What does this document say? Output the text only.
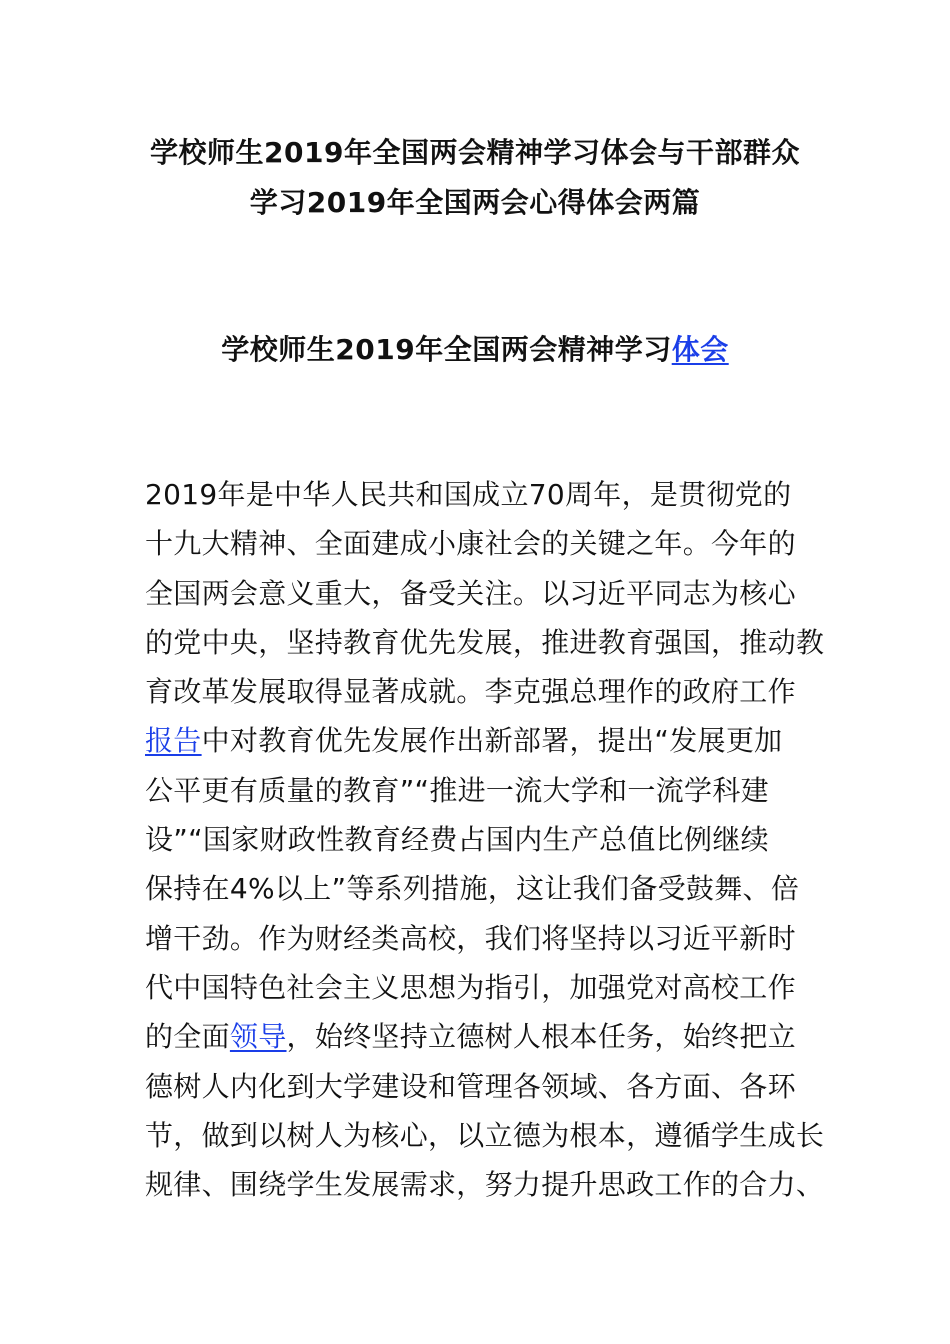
学校师生2019年全国两会精神学习体会与干部群众
学习2019年全国两会心得体会两篇
学校师生2019年全国两会精神学习体会
2019年是中华人民共和国成立70周年，是贯彻党的
十九大精神、全面建成小康社会的关键之年。今年的
全国两会意义重大，备受关注。以习近平同志为核心
的党中央，坚持教育优先发展，推进教育强国，推动教
育改革发展取得显著成就。李克强总理作的政府工作
报告中对教育优先发展作出新部署，提出“发展更加
公平更有质量的教育”“推进一流大学和一流学科建
设”“国家财政性教育经费占国内生产总值比例继续
保持在4%以上”等系列措施，这让我们备受鼓舞、倍
增干劲。作为财经类高校，我们将坚持以习近平新时
代中国特色社会主义思想为指引，加强党对高校工作
的全面领导，始终坚持立德树人根本任务，始终把立
德树人内化到大学建设和管理各领域、各方面、各环
节，做到以树人为核心，以立德为根本，遵循学生成长
规律、围绕学生发展需求，努力提升思政工作的合力、
